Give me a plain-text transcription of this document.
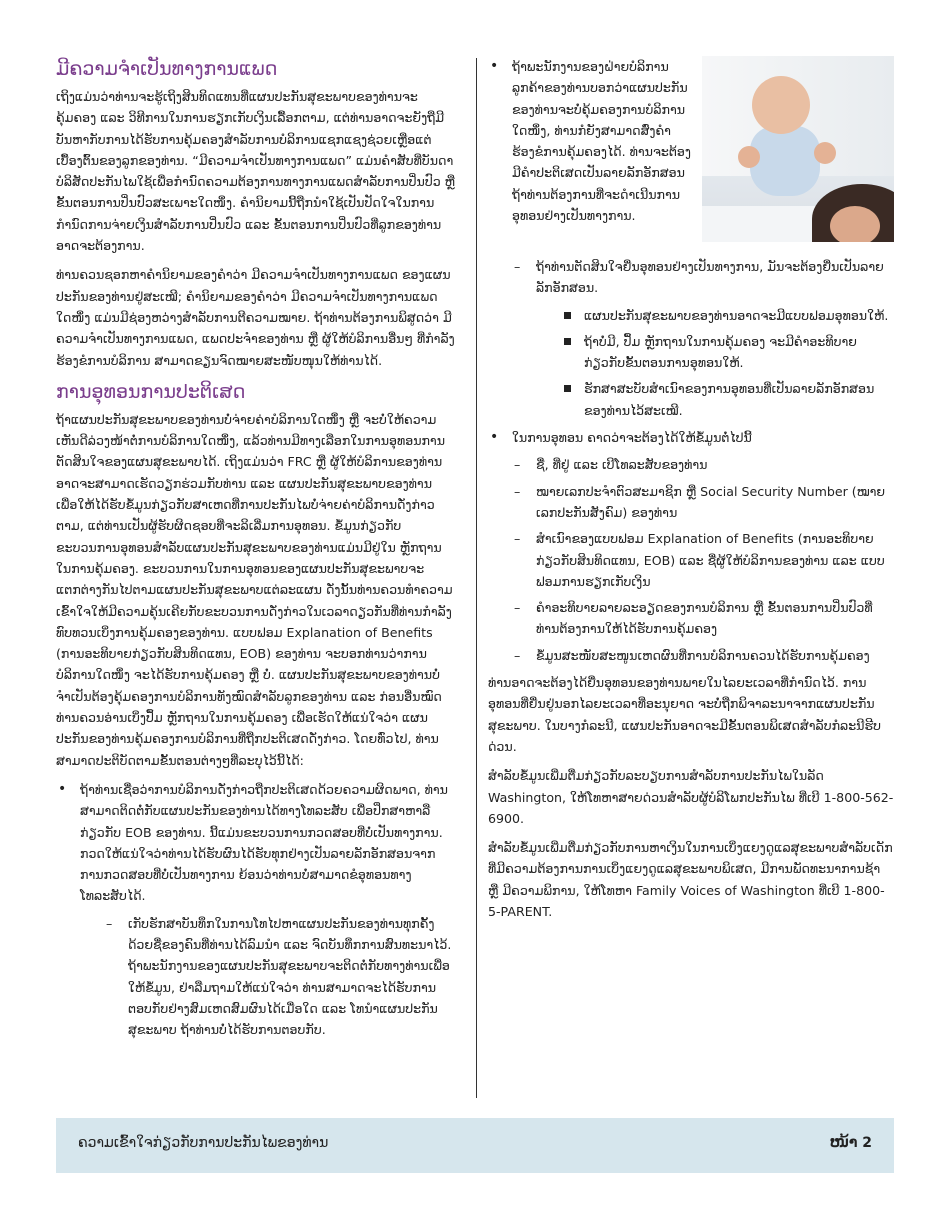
ມີຄວາມຈຳເປັນທາງການແພດ

ເຖິງແມ່ນວ່າທ່ານຈະຮູ້ເຖິງສິນທິດແທນທີ່ແຜນປະກັນສຸຂະພາບຂອງທ່ານຈະຄຸ້ມຄອງ ແລະ ວິທີການໃນການຮຽກເກັບເງິນເລື້ອກຕາມ, ແຕ່ທ່ານອາດຈະຍັງຖືມີບັນຫາກັບການໄດ້ຮັບການຄຸ້ມຄອງສຳລັບການບໍລິການແຊກແຊງຊ່ວຍເຫຼືອແຕ່ເບື້ອງຕົ້ນຂອງລູກຂອງທ່ານ. “ມີຄວາມຈຳເປັນທາງການແພດ” ແມ່ນຄຳສັບທີ່ບັນດາບໍລິສັດປະກັນໄພໃຊ້ເພື່ອກຳນົດຄວາມຕ້ອງການທາງການແພດສຳລັບການປິ່ນປົວ ຫຼື ຂັ້ນຕອນການປິ່ນປົວສະເພາະໃດໜຶ່ງ. ຄຳນິຍາມນີ້ຖືກນຳໃຊ້ເປັນປັດໃຈໃນການກຳນົດການຈ່າຍເງິນສຳລັບການປິ່ນປົວ ແລະ ຂັ້ນຕອນການປິ່ນປົວທີ່ລູກຂອງທ່ານອາດຈະຕ້ອງການ.

ທ່ານຄວນຊອກຫາຄຳນິຍາມຂອງຄຳວ່າ ມີຄວາມຈຳເປັນທາງການແພດ ຂອງແຜນປະກັນຂອງທ່ານຢູ່ສະເໝີ; ຄຳນິຍາມຂອງຄຳວ່າ ມີຄວາມຈຳເປັນທາງການແພດ ໃດໜຶ່ງ ແມ່ນມີຊ່ອງຫວ່າງສຳລັບການຕີຄວາມໝາຍ. ຖ້າທ່ານຕ້ອງການພິສູດວ່າ ມີຄວາມຈຳເປັນທາງການແພດ, ແພດປະຈຳຂອງທ່ານ ຫຼື ຜູ້ໃຫ້ບໍລິການອື່ນໆ ທີ່ກຳລັງຮ້ອງຂໍການບໍລິການ ສາມາດຂຽນຈົດໝາຍສະໜັບໜຸນໃຫ້ທ່ານໄດ້.

ການອຸທອນການປະຕິເສດ

ຖ້າແຜນປະກັນສຸຂະພາບຂອງທ່ານບໍ່ຈ່າຍຄ່າບໍລິການໃດໜຶ່ງ ຫຼື ຈະບໍ່ໃຫ້ຄວາມເຫັນດີລ່ວງໜ້າຕໍ່ການບໍລິການໃດໜຶ່ງ, ແລ້ວທ່ານມີທາງເລືອກໃນການອຸທອນການຕັດສິນໃຈຂອງແຜນສຸຂະພາບໄດ້. ເຖິງແມ່ນວ່າ FRC ຫຼື ຜູ້ໃຫ້ບໍລິການຂອງທ່ານອາດຈະສາມາດເຮັດວຽກຮ່ວມກັບທ່ານ ແລະ ແຜນປະກັນສຸຂະພາບຂອງທ່ານ ເພື່ອໃຫ້ໄດ້ຮັບຂໍ້ມູນກ່ຽວກັບສາເຫດທີ່ການປະກັນໄພບໍ່ຈ່າຍຄ່າບໍລິການດັ່ງກ່າວຕາມ, ແຕ່ທ່ານເປັນຜູ້ຮັບຜິດຊອບທີ່ຈະລິເລີ່ມການອຸທອນ. ຂໍ້ມູນກ່ຽວກັບຂະບວນການອຸທອນສຳລັບແຜນປະກັນສຸຂະພາບຂອງທ່ານແມ່ນມີຢູ່ໃນ ຫຼັກຖານໃນການຄຸ້ມຄອງ. ຂະບວນການໃນການອຸທອນຂອງແຜນປະກັນສຸຂະພາບຈະແຕກຕ່າງກັນໄປຕາມແຜນປະກັນສຸຂະພາບແຕ່ລະແຜນ ດັ່ງນັ້ນທ່ານຄວນທຳຄວາມເຂົ້າໃຈໃຫ້ມີຄວາມຄຸ້ນເຄີຍກັບຂະບວນການດັ່ງກ່າວໃນເວລາດຽວກັນທີ່ທ່ານກຳລັງທົບທວນເບິ່ງການຄຸ້ມຄອງຂອງທ່ານ. ແບບຟອມ Explanation of Benefits (ການອະທິບາຍກ່ຽວກັບສິນທິດແທນ, EOB) ຂອງທ່ານ ຈະບອກທ່ານວ່າການບໍລິການໃດໜຶ່ງ ຈະໄດ້ຮັບການຄຸ້ມຄອງ ຫຼື ບໍ່. ແຜນປະກັນສຸຂະພາບຂອງທ່ານບໍ່ຈຳເປັນຕ້ອງຄຸ້ມຄອງການບໍລິການທັງໝົດສຳລັບລູກຂອງທ່ານ ແລະ ກ່ອນອື່ນໝົດ ທ່ານຄວນອ່ານເບິ່ງປຶ້ມ ຫຼັກຖານໃນການຄຸ້ມຄອງ ເພື່ອເຮັດໃຫ້ແນ່ໃຈວ່າ ແຜນປະກັນຂອງທ່ານຄຸ້ມຄອງການບໍລິການທີ່ຖືກປະຕິເສດດັ່ງກ່າວ. ໂດຍທົ່ວໄປ, ທ່ານສາມາດປະຕິບັດຕາມຂັ້ນຕອນຕ່າງໆທີ່ລະບຸໄວ້ນີ້ໄດ້:

• ຖ້າທ່ານເຊື່ອວ່າການບໍລິການດັ່ງກ່າວຖືກປະຕິເສດດ້ວຍຄວາມຜິດພາດ, ທ່ານສາມາດຕິດຕໍ່ກັບແຜນປະກັນຂອງທ່ານໄດ້ທາງໂທລະສັບ ເພື່ອປຶກສາຫາລືກ່ຽວກັບ EOB ຂອງທ່ານ. ນີ້ແມ່ນຂະບວນການກວດສອບທີ່ບໍ່ເປັນທາງການ. ກວດໃຫ້ແນ່ໃຈວ່າທ່ານໄດ້ຮັບຜົນໄດ້ຮັບທຸກຢ່າງເປັນລາຍລັກອັກສອນຈາກການກວດສອບທີ່ບໍ່ເປັນທາງການ ຍ້ອນວ່າທ່ານບໍ່ສາມາດຂໍອຸທອນທາງໂທລະສັບໄດ້.
– ເກັບຮັກສາບັນທຶກໃນການໂທໄປຫາແຜນປະກັນຂອງທ່ານທຸກຄັ້ງ ດ້ວຍຊື່ຂອງຄົນທີ່ທ່ານໄດ້ລົມນຳ ແລະ ຈົດບັນທຶກການສົນທະນາໄວ້. ຖ້າພະນັກງານຂອງແຜນປະກັນສຸຂະພາບຈະຕິດຕໍ່ກັບທາງທ່ານເພື່ອໃຫ້ຂໍ້ມູນ, ຢ່າລືມຖາມໃຫ້ແນ່ໃຈວ່າ ທ່ານສາມາດຈະໄດ້ຮັບການຕອບກັບຢ່າງສົມເຫດສົມຜົນໄດ້ເມື່ອໃດ ແລະ ໂທນຳແຜນປະກັນສຸຂະພາບ ຖ້າທ່ານບໍ່ໄດ້ຮັບການຕອບກັບ.
• ຖ້າພະນັກງານຂອງຝ່າຍບໍລິການລູກຄ້າຂອງທ່ານບອກວ່າແຜນປະກັນຂອງທ່ານຈະບໍ່ຄຸ້ມຄອງການບໍລິການໃດໜຶ່ງ, ທ່ານກໍຍັງສາມາດສົ່ງຄຳຮ້ອງຂໍການຄຸ້ມຄອງໄດ້. ທ່ານຈະຕ້ອງມີຄຳປະຕິເສດເປັນລາຍລັກອັກສອນ ຖ້າທ່ານຕ້ອງການທີ່ຈະດຳເນີນການອຸທອນຢ່າງເປັນທາງການ.
– ຖ້າທ່ານຕັດສິນໃຈຍື່ນອຸທອນຢ່າງເປັນທາງການ, ມັນຈະຕ້ອງຍື່ນເປັນລາຍລັກອັກສອນ.
ແຜນປະກັນສຸຂະພາບຂອງທ່ານອາດຈະມີແບບຟອມອຸທອນໃຫ້.
ຖ້າບໍ່ມີ, ປຶ້ມ ຫຼັກຖານໃນການຄຸ້ມຄອງ ຈະມີຄຳອະທິບາຍກ່ຽວກັບຂັ້ນຕອນການອຸທອນໃຫ້.
ຮັກສາສະບັບສຳເນົາຂອງການອຸທອນທີ່ເປັນລາຍລັກອັກສອນຂອງທ່ານໄວ້ສະເໝີ.
• ໃນການອຸທອນ ຄາດວ່າຈະຕ້ອງໄດ້ໃຫ້ຂໍ້ມູນຕໍ່ໄປນີ້
– ຊື່, ທີ່ຢູ່ ແລະ ເບີໂທລະສັບຂອງທ່ານ
– ໝາຍເລກປະຈຳຕົວສະມາຊິກ ຫຼື Social Security Number (ໝາຍເລກປະກັນສັງຄົມ) ຂອງທ່ານ
– ສຳເນົາຂອງແບບຟອມ Explanation of Benefits (ການອະທິບາຍກ່ຽວກັບສິນທິດແທນ, EOB) ແລະ ຊື່ຜູ້ໃຫ້ບໍລິການຂອງທ່ານ ແລະ ແບບຟອມການຮຽກເກັບເງິນ
– ຄຳອະທິບາຍລາຍລະອຽດຂອງການບໍລິການ ຫຼື ຂັ້ນຕອນການປິ່ນປົວທີ່ທ່ານຕ້ອງການໃຫ້ໄດ້ຮັບການຄຸ້ມຄອງ
– ຂໍ້ມູນສະໜັບສະໜູນເຫດຜົນທີ່ການບໍລິການຄວນໄດ້ຮັບການຄຸ້ມຄອງ

ທ່ານອາດຈະຕ້ອງໄດ້ຍື່ນອຸທອນຂອງທ່ານພາຍໃນໄລຍະເວລາທີ່ກຳນົດໄວ້. ການອຸທອນທີ່ຍື່ນຢູ່ນອກໄລຍະເວລາທີ່ອະນຸຍາດ ຈະບໍ່ຖືກພິຈາລະນາຈາກແຜນປະກັນສຸຂະພາບ. ໃນບາງກໍລະນີ, ແຜນປະກັນອາດຈະມີຂັ້ນຕອນພິເສດສຳລັບກໍລະນີຮີບດ່ວນ.

ສຳລັບຂໍ້ມູນເພີ່ມຕື່ມກ່ຽວກັບລະບຽບການສຳລັບການປະກັນໄພໃນລັດ Washington, ໃຫ້ໂທຫາສາຍດ່ວນສຳລັບຜູ້ບໍລິໂພກປະກັນໄພ ທີ່ເບີ 1-800-562-6900.

ສຳລັບຂໍ້ມູນເພີ່ມຕື່ມກ່ຽວກັບການຫາເງິນໃນການເບິ່ງແຍງດູແລສຸຂະພາບສຳລັບເດັກທີ່ມີຄວາມຕ້ອງການການເບິ່ງແຍງດູແລສຸຂະພາບພິເສດ, ມີການພັດທະນາການຊ້າ ຫຼື ມີຄວາມພິການ, ໃຫ້ໂທຫາ Family Voices of Washington ທີ່ເບີ 1-800-5-PARENT.

ຄວາມເຂົ້າໃຈກ່ຽວກັບການປະກັນໄພຂອງທ່ານ	ໜ້າ 2
